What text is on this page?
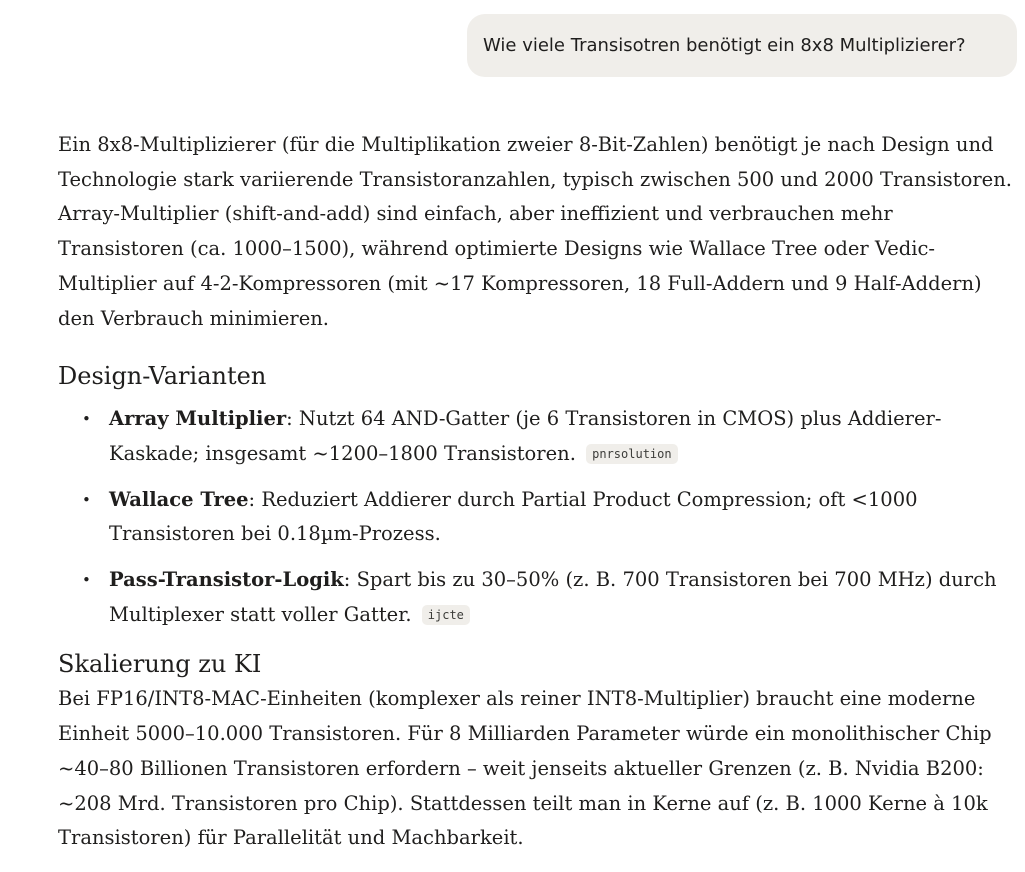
Wie viele Transisotren benötigt ein 8x8 Multiplizierer?

Ein 8x8-Multiplizierer (für die Multiplikation zweier 8-Bit-Zahlen) benötigt je nach Design und Technologie stark variierende Transistoranzahlen, typisch zwischen 500 und 2000 Transistoren. Array-Multiplier (shift-and-add) sind einfach, aber ineffizient und verbrauchen mehr Transistoren (ca. 1000–1500), während optimierte Designs wie Wallace Tree oder Vedic-Multiplier auf 4-2-Kompressoren (mit ~17 Kompressoren, 18 Full-Addern und 9 Half-Addern) den Verbrauch minimieren.

Design-Varianten
• Array Multiplier: Nutzt 64 AND-Gatter (je 6 Transistoren in CMOS) plus Addierer-Kaskade; insgesamt ~1200–1800 Transistoren. pnrsolution
• Wallace Tree: Reduziert Addierer durch Partial Product Compression; oft <1000 Transistoren bei 0.18µm-Prozess.
• Pass-Transistor-Logik: Spart bis zu 30–50% (z. B. 700 Transistoren bei 700 MHz) durch Multiplexer statt voller Gatter. ijcte
Skalierung zu KI

Bei FP16/INT8-MAC-Einheiten (komplexer als reiner INT8-Multiplier) braucht eine moderne Einheit 5000–10.000 Transistoren. Für 8 Milliarden Parameter würde ein monolithischer Chip ~40–80 Billionen Transistoren erfordern – weit jenseits aktueller Grenzen (z. B. Nvidia B200: ~208 Mrd. Transistoren pro Chip). Stattdessen teilt man in Kerne auf (z. B. 1000 Kerne à 10k Transistoren) für Parallelität und Machbarkeit.
